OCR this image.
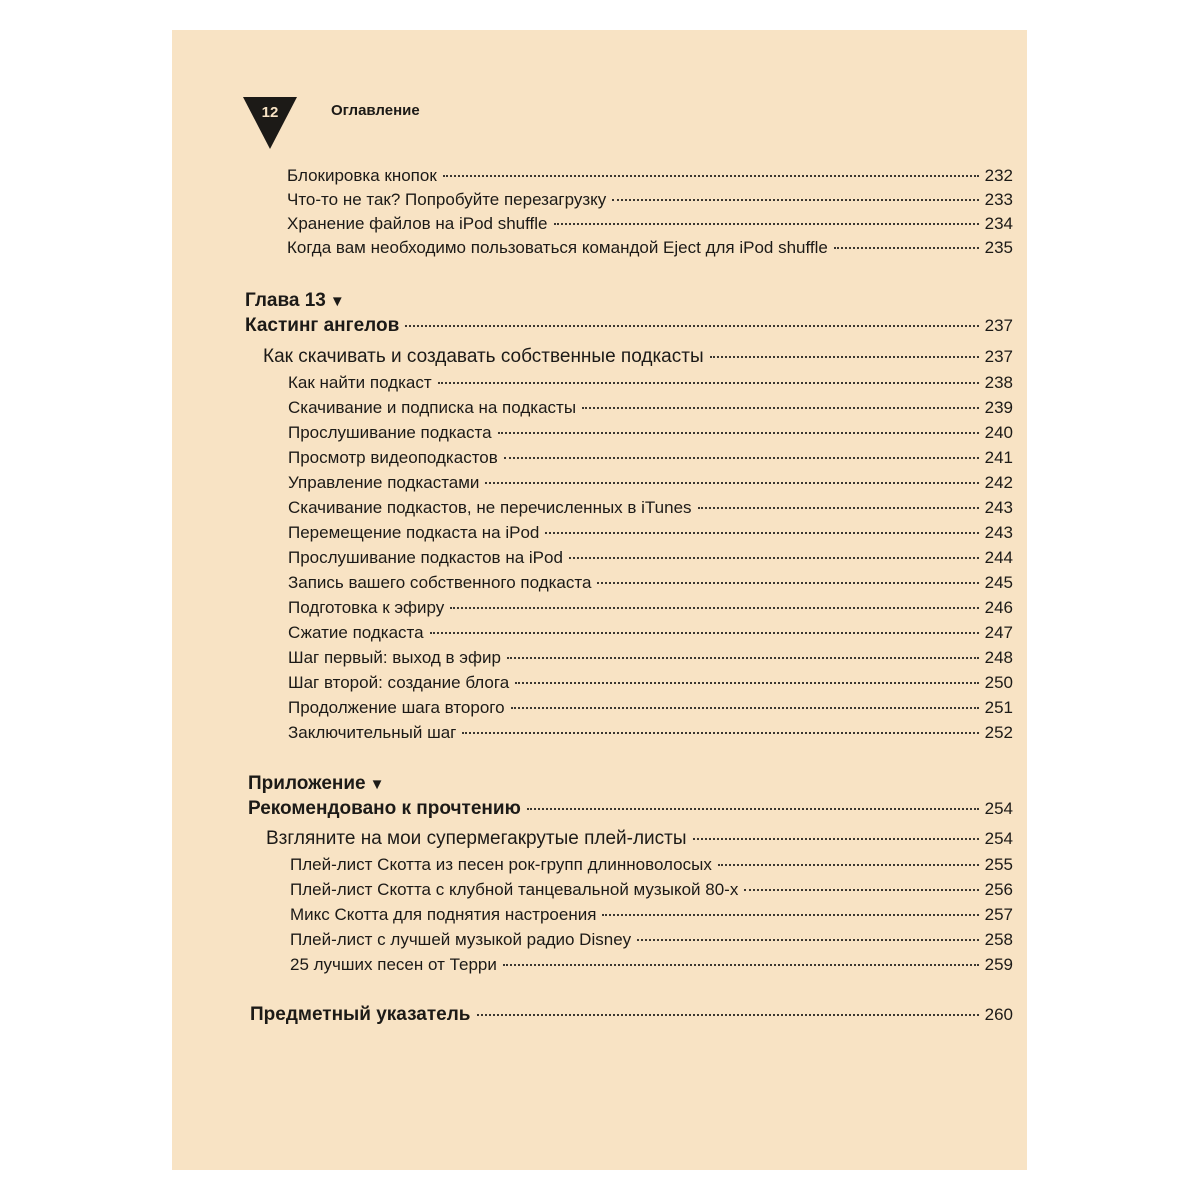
12	Оглавление
Блокировка кнопок	232
Что-то не так? Попробуйте перезагрузку	233
Хранение файлов на iPod shuffle	234
Когда вам необходимо пользоваться командой Eject для iPod shuffle	235
Глава 13 ▼
Кастинг ангелов	237
Как скачивать и создавать собственные подкасты	237
Как найти подкаст	238
Скачивание и подписка на подкасты	239
Прослушивание подкаста	240
Просмотр видеоподкастов	241
Управление подкастами	242
Скачивание подкастов, не перечисленных в iTunes	243
Перемещение подкаста на iPod	243
Прослушивание подкастов на iPod	244
Запись вашего собственного подкаста	245
Подготовка к эфиру	246
Сжатие подкаста	247
Шаг первый: выход в эфир	248
Шаг второй: создание блога	250
Продолжение шага второго	251
Заключительный шаг	252
Приложение ▼
Рекомендовано к прочтению	254
Взгляните на мои супермегакрутые плей-листы	254
Плей-лист Скотта из песен рок-групп длинноволосых	255
Плей-лист Скотта с клубной танцевальной музыкой 80-х	256
Микс Скотта для поднятия настроения	257
Плей-лист с лучшей музыкой радио Disney	258
25 лучших песен от Терри	259
Предметный указатель	260
